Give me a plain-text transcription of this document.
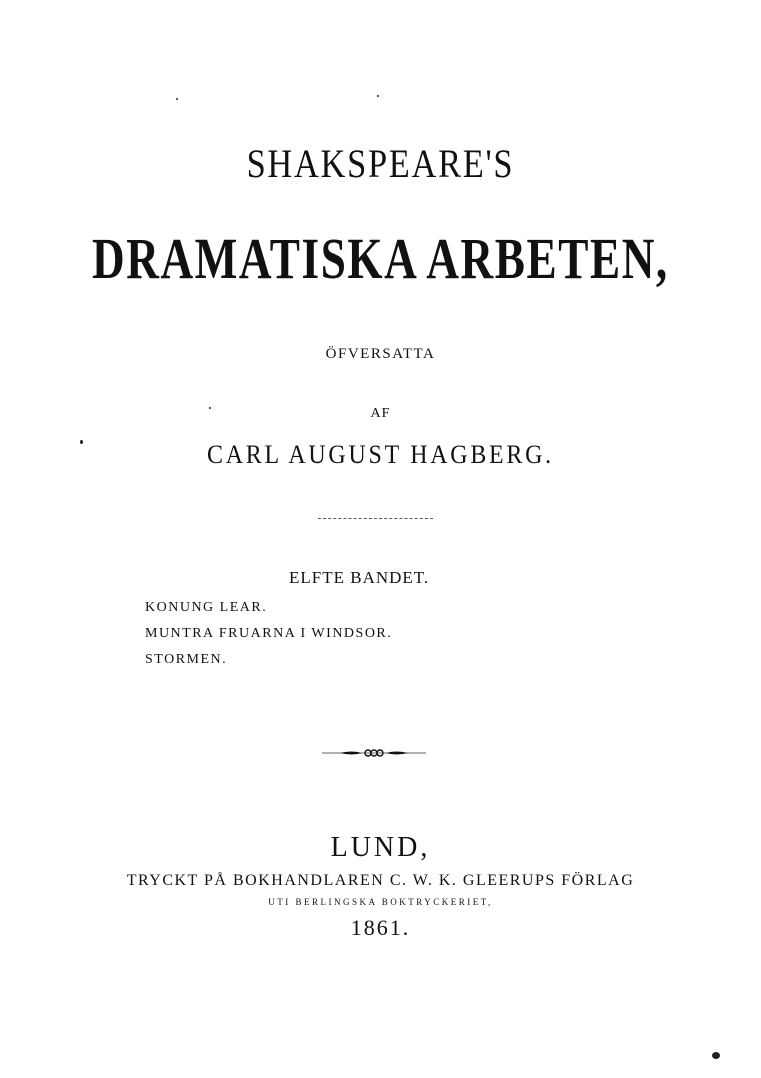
SHAKSPEARE'S
DRAMATISKA ARBETEN,
ÖFVERSATTA
AF
CARL AUGUST HAGBERG.
ELFTE BANDET.
KONUNG LEAR.
MUNTRA FRUARNA I WINDSOR.
STORMEN.
LUND,
TRYCKT PÅ BOKHANDLAREN C. W. K. GLEERUPS FÖRLAG
UTI BERLINGSKA BOKTRYCKERIET,
1861.
